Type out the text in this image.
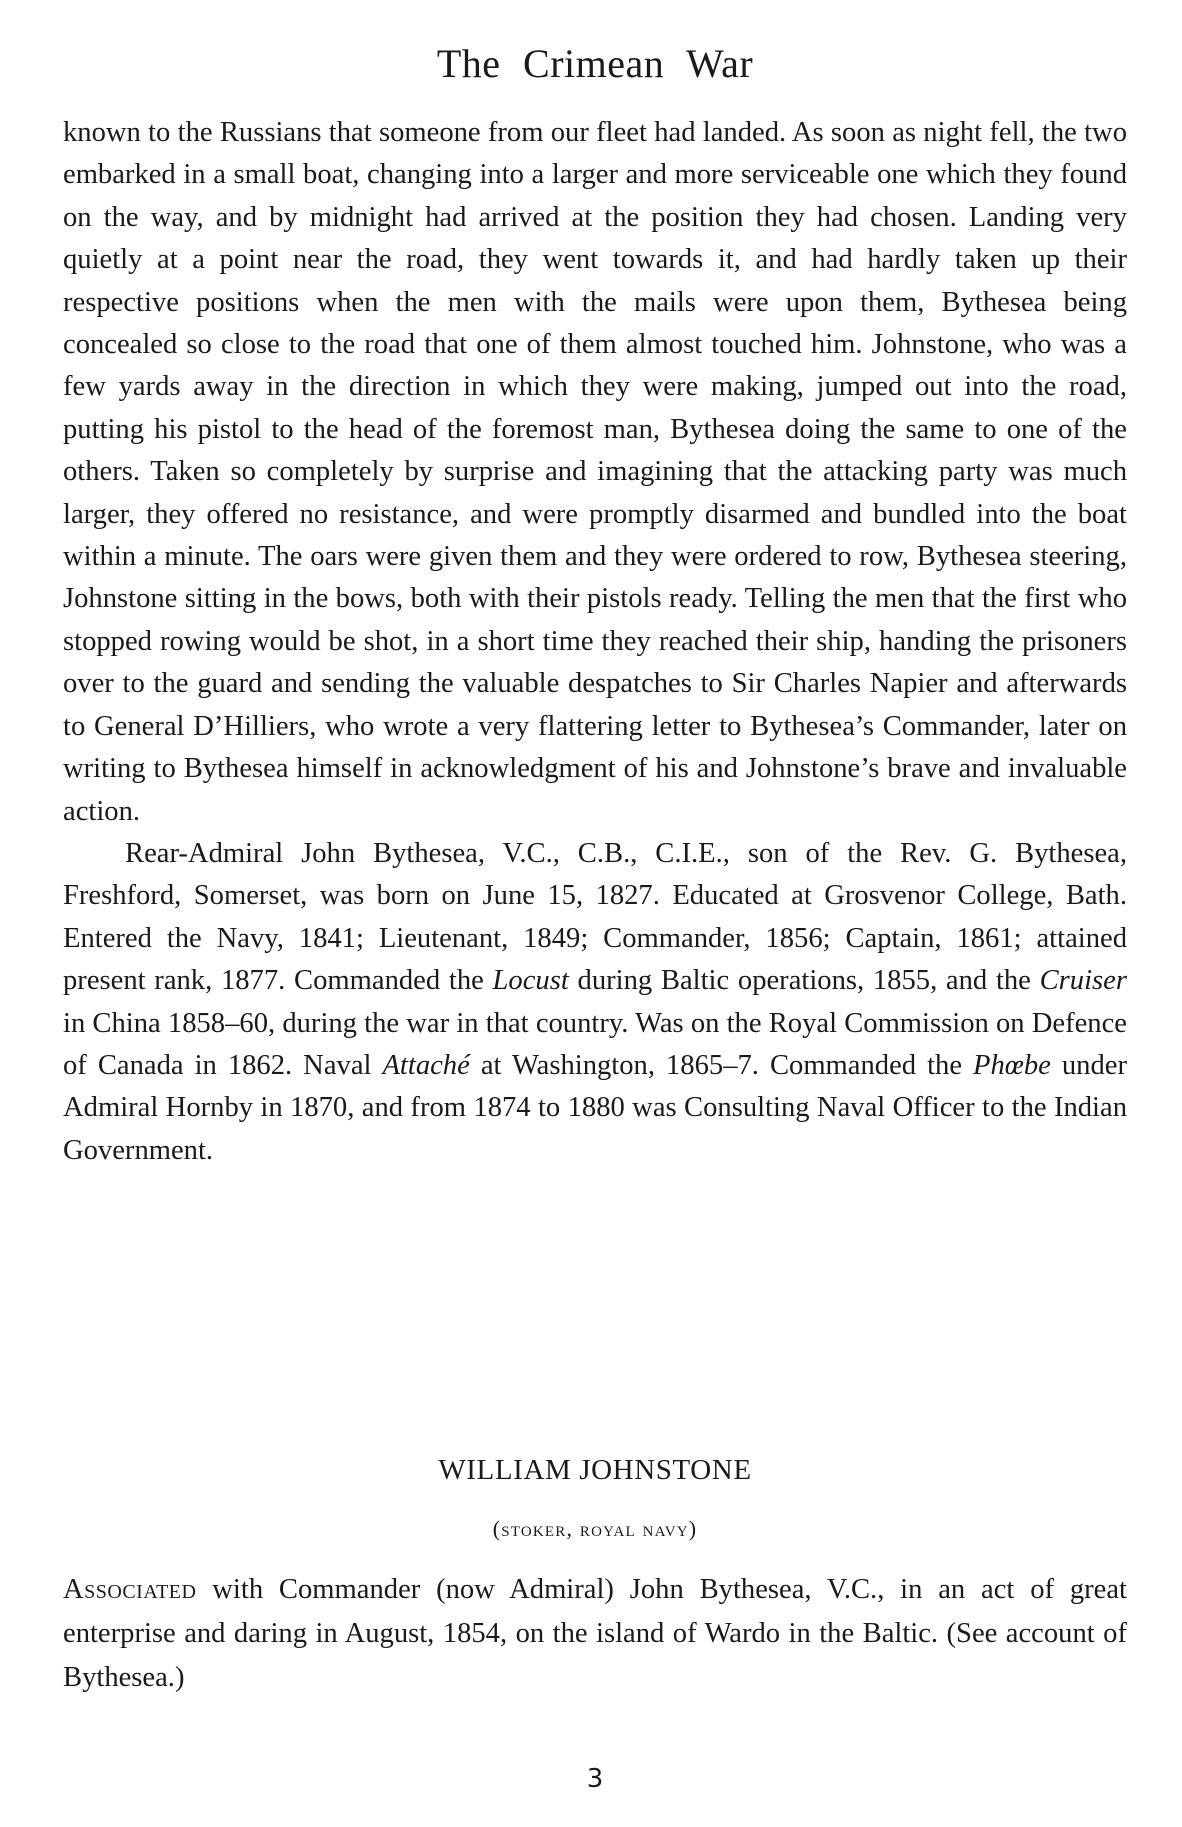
The Crimean War

known to the Russians that someone from our fleet had landed. As soon as night fell, the two embarked in a small boat, changing into a larger and more serviceable one which they found on the way, and by midnight had arrived at the position they had chosen. Landing very quietly at a point near the road, they went towards it, and had hardly taken up their respective positions when the men with the mails were upon them, Bythesea being concealed so close to the road that one of them almost touched him. Johnstone, who was a few yards away in the direction in which they were making, jumped out into the road, putting his pistol to the head of the foremost man, Bythesea doing the same to one of the others. Taken so completely by surprise and imagining that the attacking party was much larger, they offered no resistance, and were promptly disarmed and bundled into the boat within a minute. The oars were given them and they were ordered to row, Bythesea steering, Johnstone sitting in the bows, both with their pistols ready. Telling the men that the first who stopped rowing would be shot, in a short time they reached their ship, handing the prisoners over to the guard and sending the valuable despatches to Sir Charles Napier and afterwards to General D’Hilliers, who wrote a very flattering letter to Bythesea’s Commander, later on writing to Bythesea himself in acknowledgment of his and Johnstone’s brave and invaluable action.

Rear-Admiral John Bythesea, V.C., C.B., C.I.E., son of the Rev. G. Bythesea, Freshford, Somerset, was born on June 15, 1827. Educated at Grosvenor College, Bath. Entered the Navy, 1841; Lieutenant, 1849; Commander, 1856; Captain, 1861; attained present rank, 1877. Commanded the Locust during Baltic operations, 1855, and the Cruiser in China 1858–60, during the war in that country. Was on the Royal Commission on Defence of Canada in 1862. Naval Attaché at Washington, 1865–7. Commanded the Phœbe under Admiral Hornby in 1870, and from 1874 to 1880 was Consulting Naval Officer to the Indian Government.

WILLIAM JOHNSTONE
(stoker, royal navy)

Associated with Commander (now Admiral) John Bythesea, V.C., in an act of great enterprise and daring in August, 1854, on the island of Wardo in the Baltic. (See account of Bythesea.)

3
